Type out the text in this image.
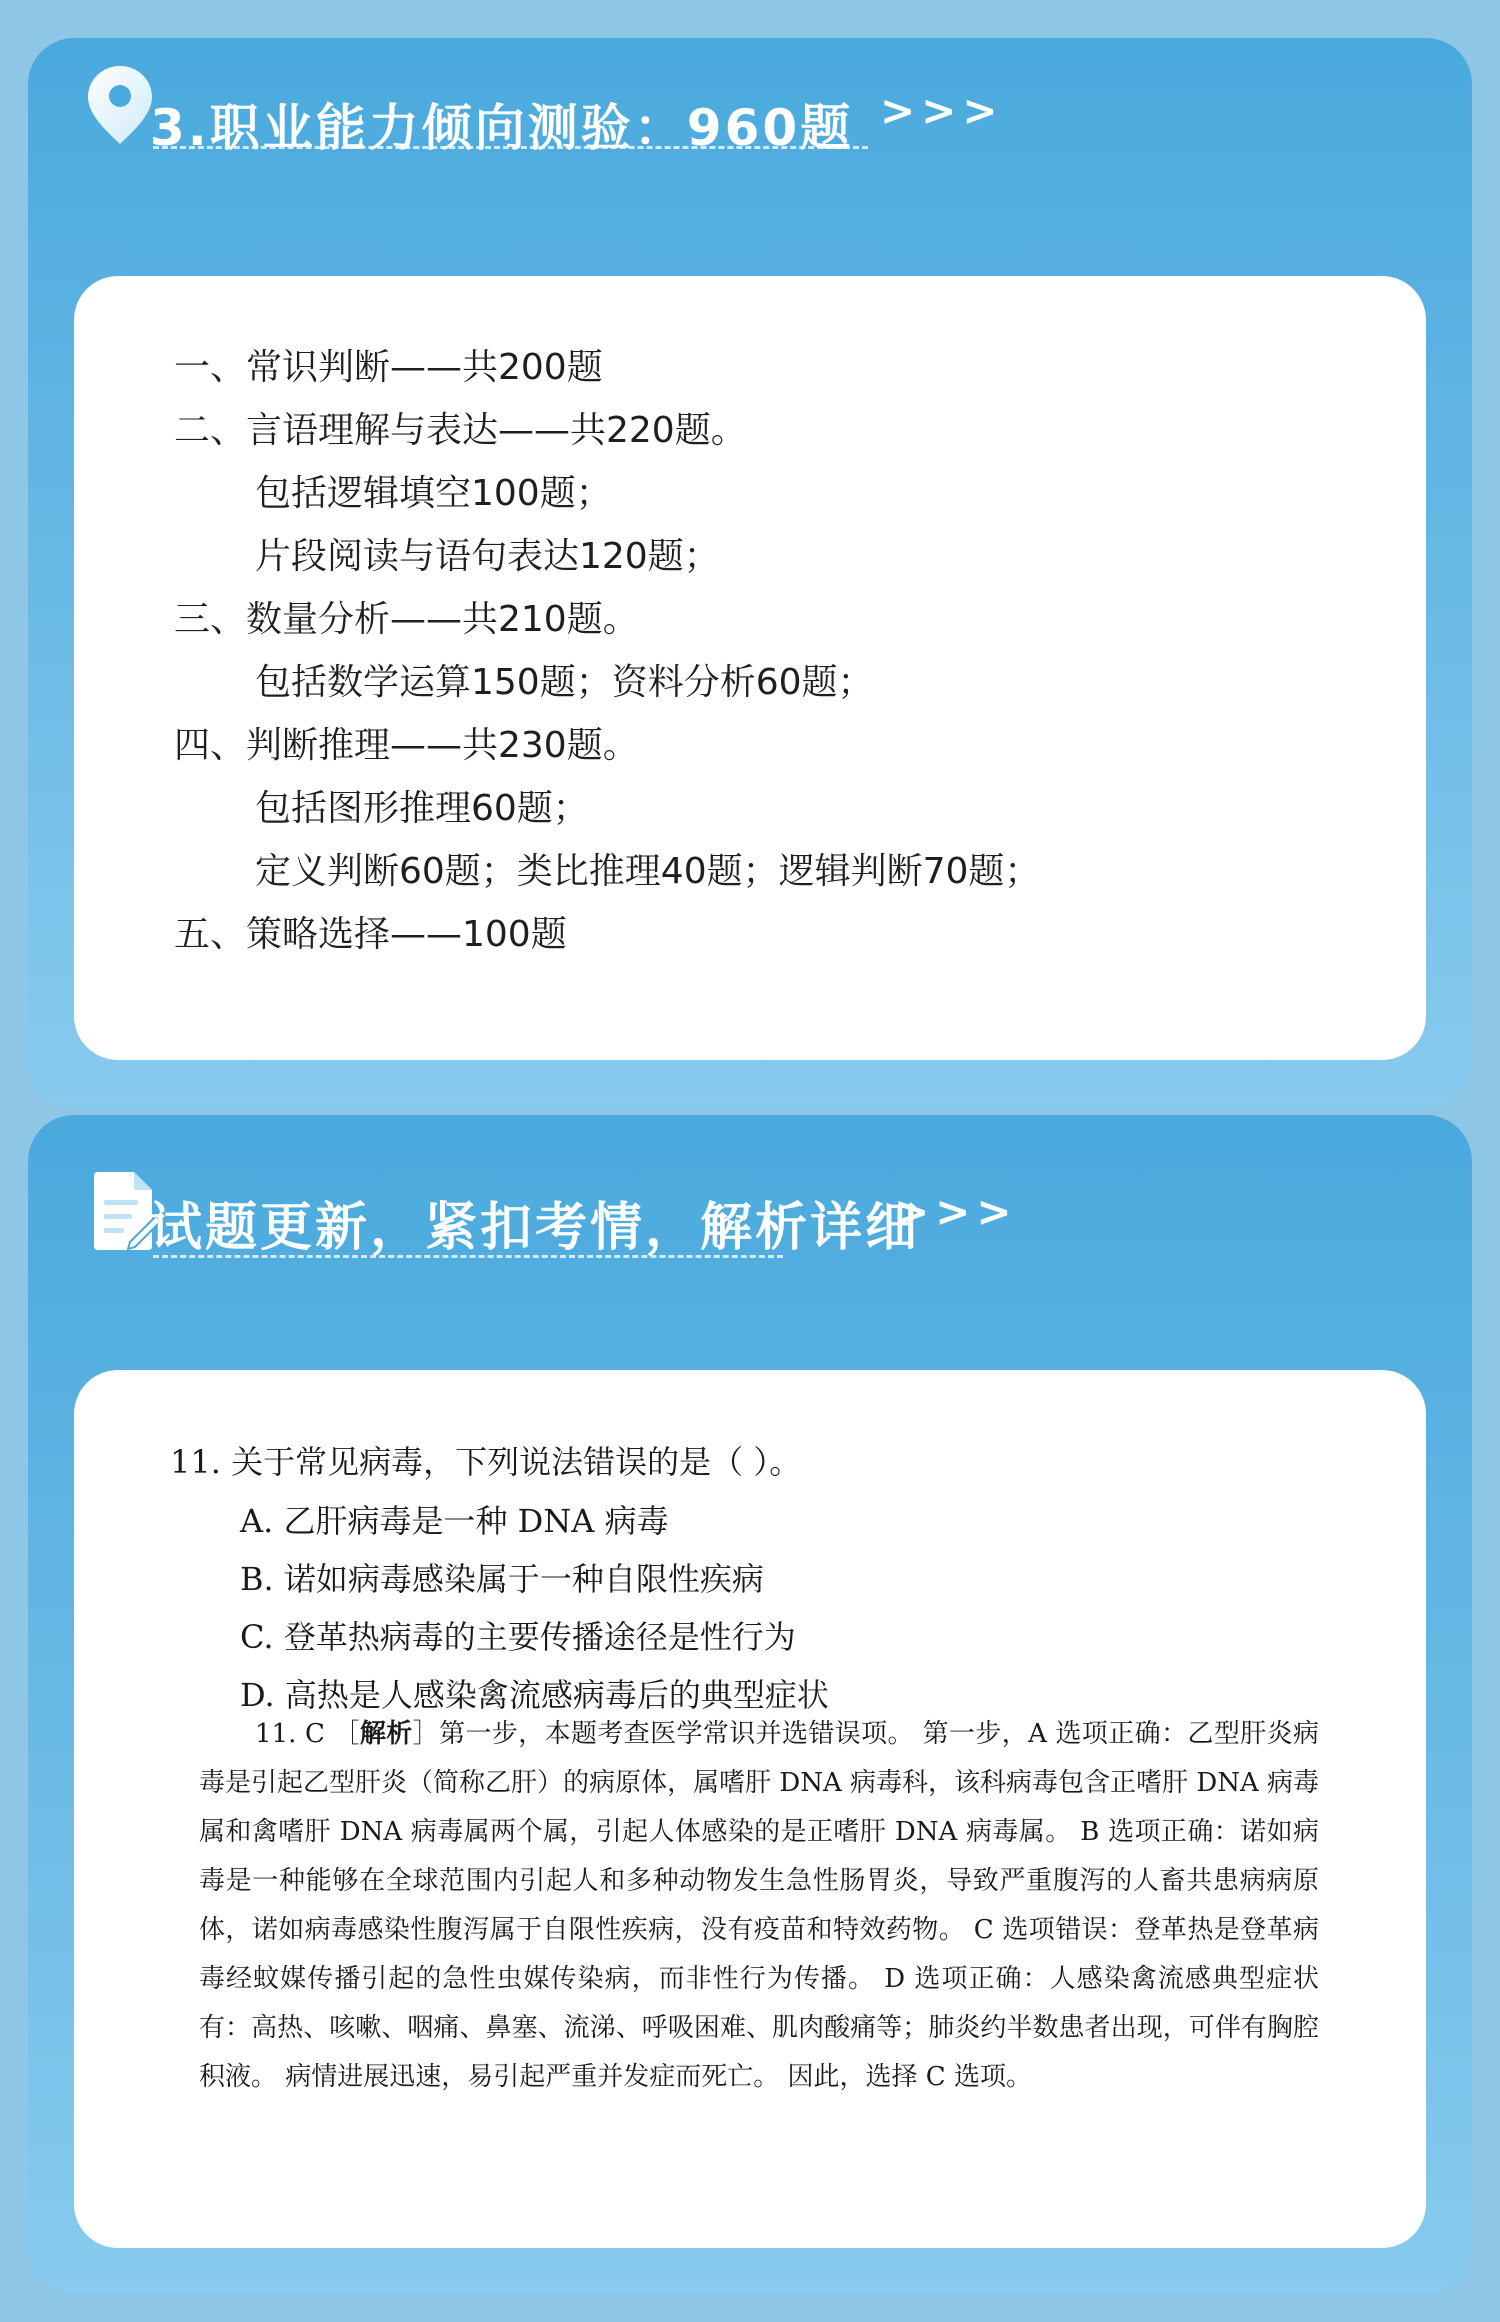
3.职业能力倾向测验：960题 >>>
一、常识判断——共200题
二、言语理解与表达——共220题。
包括逻辑填空100题；
片段阅读与语句表达120题；
三、数量分析——共210题。
包括数学运算150题；资料分析60题；
四、判断推理——共230题。
包括图形推理60题；
定义判断60题；类比推理40题；逻辑判断70题；
五、策略选择——100题
试题更新，紧扣考情，解析详细
>>>
11. 关于常见病毒，下列说法错误的是（ ）。
A. 乙肝病毒是一种 DNA 病毒
B. 诺如病毒感染属于一种自限性疾病
C. 登革热病毒的主要传播途径是性行为
D. 高热是人感染禽流感病毒后的典型症状
11. C ［解析］第一步，本题考查医学常识并选错误项。 第一步，A 选项正确：乙型肝炎病毒是引起乙型肝炎（简称乙肝）的病原体，属嗜肝 DNA 病毒科，该科病毒包含正嗜肝 DNA 病毒属和禽嗜肝 DNA 病毒属两个属，引起人体感染的是正嗜肝 DNA 病毒属。 B 选项正确：诺如病毒是一种能够在全球范围内引起人和多种动物发生急性肠胃炎，导致严重腹泻的人畜共患病病原体，诺如病毒感染性腹泻属于自限性疾病，没有疫苗和特效药物。 C 选项错误：登革热是登革病毒经蚊媒传播引起的急性虫媒传染病，而非性行为传播。 D 选项正确：人感染禽流感典型症状有：高热、咳嗽、咽痛、鼻塞、流涕、呼吸困难、肌肉酸痛等；肺炎约半数患者出现，可伴有胸腔积液。 病情进展迅速，易引起严重并发症而死亡。 因此，选择 C 选项。
